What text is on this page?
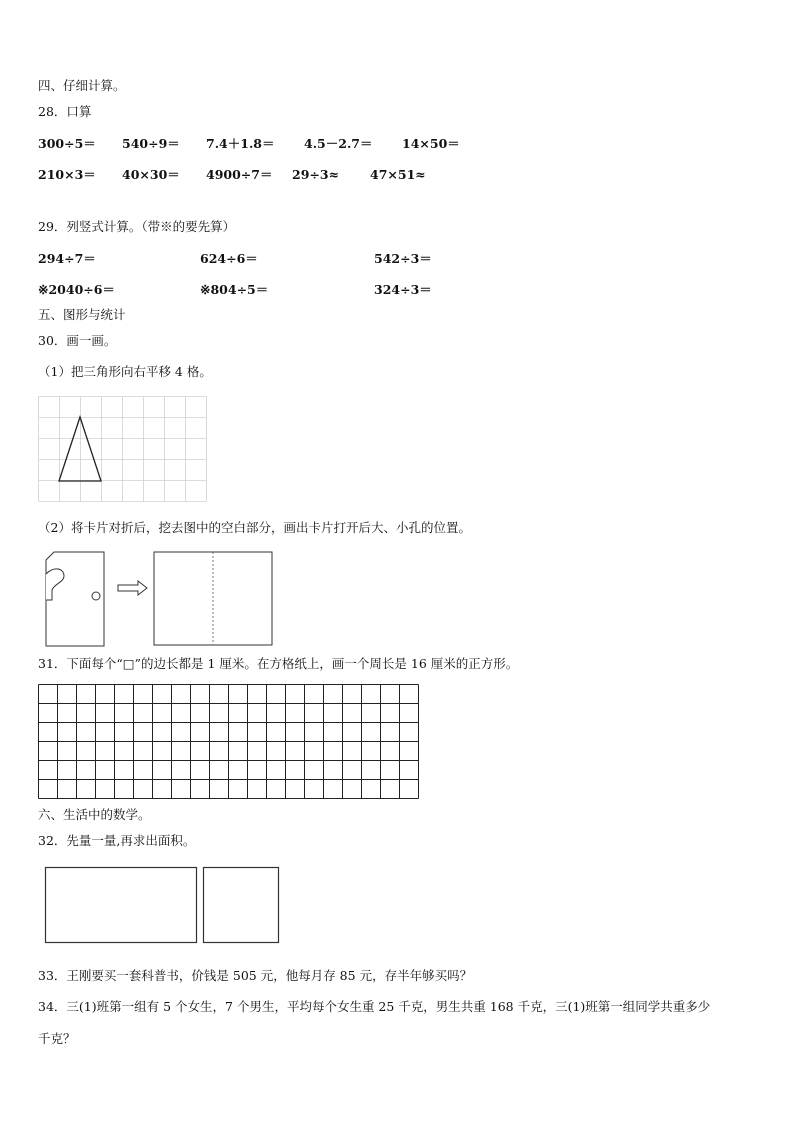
四、仔细计算。
28．口算
300÷5＝ 540÷9＝ 7.4＋1.8＝ 4.5－2.7＝ 14×50＝
210×3＝ 40×30＝ 4900÷7＝ 29÷3≈ 47×51≈
29．列竖式计算。（带※的要先算）
294÷7＝	624÷6＝	542÷3＝
※2040÷6＝	※804÷5＝	324÷3＝
五、图形与统计
30．画一画。
（1）把三角形向右平移 4 格。
（2）将卡片对折后，挖去图中的空白部分，画出卡片打开后大、小孔的位置。
31．下面每个“□”的边长都是 1 厘米。在方格纸上，画一个周长是 16 厘米的正方形。
六、生活中的数学。
32．先量一量,再求出面积。
33．王刚要买一套科普书，价钱是 505 元，他每月存 85 元，存半年够买吗？
34．三(1)班第一组有 5 个女生，7 个男生，平均每个女生重 25 千克，男生共重 168 千克，三(1)班第一组同学共重多少
千克？
